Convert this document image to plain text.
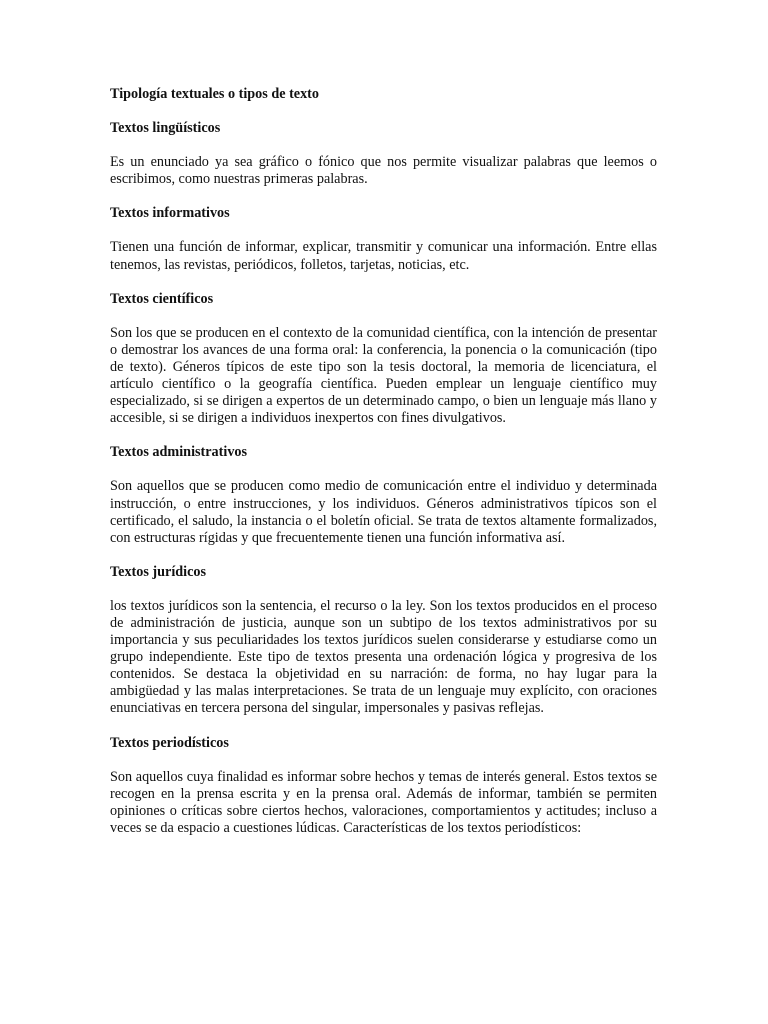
Tipología textuales o tipos de texto
Textos lingüísticos
Es un enunciado ya sea gráfico o fónico que nos permite visualizar palabras que leemos o escribimos, como nuestras primeras palabras.
Textos informativos
Tienen una función de informar, explicar, transmitir y comunicar una información. Entre ellas tenemos, las revistas, periódicos, folletos, tarjetas, noticias, etc.
Textos científicos
Son los que se producen en el contexto de la comunidad científica, con la intención de presentar o demostrar los avances de una forma oral: la conferencia, la ponencia o la comunicación (tipo de texto). Géneros típicos de este tipo son la tesis doctoral, la memoria de licenciatura, el artículo científico o la geografía científica. Pueden emplear un lenguaje científico muy especializado, si se dirigen a expertos de un determinado campo, o bien un lenguaje más llano y accesible, si se dirigen a individuos inexpertos con fines divulgativos.
Textos administrativos
Son aquellos que se producen como medio de comunicación entre el individuo y determinada instrucción, o entre instrucciones, y los individuos. Géneros administrativos típicos son el certificado, el saludo, la instancia o el boletín oficial. Se trata de textos altamente formalizados, con estructuras rígidas y que frecuentemente tienen una función informativa así.
Textos jurídicos
los textos jurídicos son la sentencia, el recurso o la ley. Son los textos producidos en el proceso de administración de justicia, aunque son un subtipo de los textos administrativos por su importancia y sus peculiaridades los textos jurídicos suelen considerarse y estudiarse como un grupo independiente. Este tipo de textos presenta una ordenación lógica y progresiva de los contenidos. Se destaca la objetividad en su narración: de forma, no hay lugar para la ambigüedad y las malas interpretaciones. Se trata de un lenguaje muy explícito, con oraciones enunciativas en tercera persona del singular, impersonales y pasivas reflejas.
Textos periodísticos
Son aquellos cuya finalidad es informar sobre hechos y temas de interés general. Estos textos se recogen en la prensa escrita y en la prensa oral. Además de informar, también se permiten opiniones o críticas sobre ciertos hechos, valoraciones, comportamientos y actitudes; incluso a veces se da espacio a cuestiones lúdicas. Características de los textos periodísticos:
